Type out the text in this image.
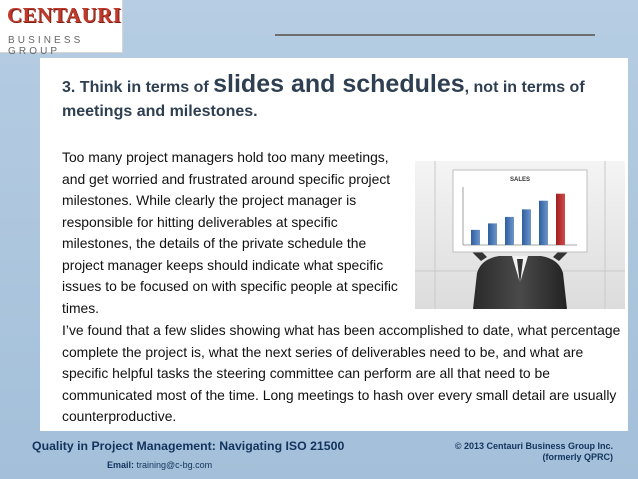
CENTAURI
BUSINESS GROUP
3. Think in terms of slides and schedules, not in terms of meetings and milestones.

Too many project managers hold too many meetings, and get worried and frustrated around specific project milestones. While clearly the project manager is responsible for hitting deliverables at specific milestones, the details of the private schedule the project manager keeps should indicate what specific issues to be focused on with specific people at specific times.

SALES

I’ve found that a few slides showing what has been accomplished to date, what percentage complete the project is, what the next series of deliverables need to be, and what are specific helpful tasks the steering committee can perform are all that need to be communicated most of the time. Long meetings to hash over every small detail are usually counterproductive.

Quality in Project Management: Navigating ISO 21500
Email: training@c-bg.com
© 2013 Centauri Business Group Inc.
(formerly QPRC)
